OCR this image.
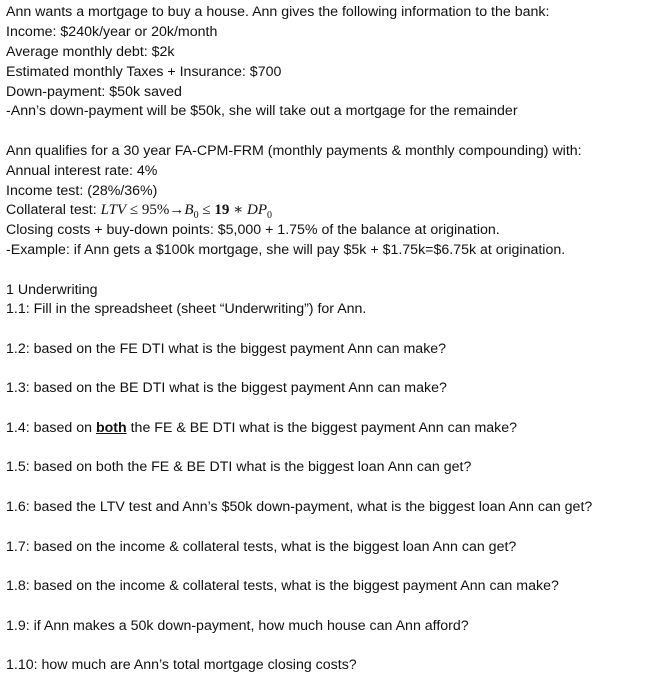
Ann wants a mortgage to buy a house. Ann gives the following information to the bank:
Income: $240k/year or 20k/month
Average monthly debt: $2k
Estimated monthly Taxes + Insurance: $700
Down-payment: $50k saved
-Ann’s down-payment will be $50k, she will take out a mortgage for the remainder
Ann qualifies for a 30 year FA-CPM-FRM (monthly payments & monthly compounding) with:
Annual interest rate: 4%
Income test: (28%/36%)
Collateral test: LTV ≤ $95\%\to B_0 \le 19$ ∗ $DP_0$
Closing costs + buy-down points: $5,000 + 1.75% of the balance at origination.
-Example: if Ann gets a $100k mortgage, she will pay $5k + $1.75k=$6.75k at origination.
1 Underwriting
1.1: Fill in the spreadsheet (sheet “Underwriting”) for Ann.
1.2: based on the FE DTI what is the biggest payment Ann can make?
1.3: based on the BE DTI what is the biggest payment Ann can make?
1.4: based on both the FE & BE DTI what is the biggest payment Ann can make?
1.5: based on both the FE & BE DTI what is the biggest loan Ann can get?
1.6: based the LTV test and Ann’s $50k down-payment, what is the biggest loan Ann can get?
1.7: based on the income & collateral tests, what is the biggest loan Ann can get?
1.8: based on the income & collateral tests, what is the biggest payment Ann can make?
1.9: if Ann makes a 50k down-payment, how much house can Ann afford?
1.10: how much are Ann’s total mortgage closing costs?
